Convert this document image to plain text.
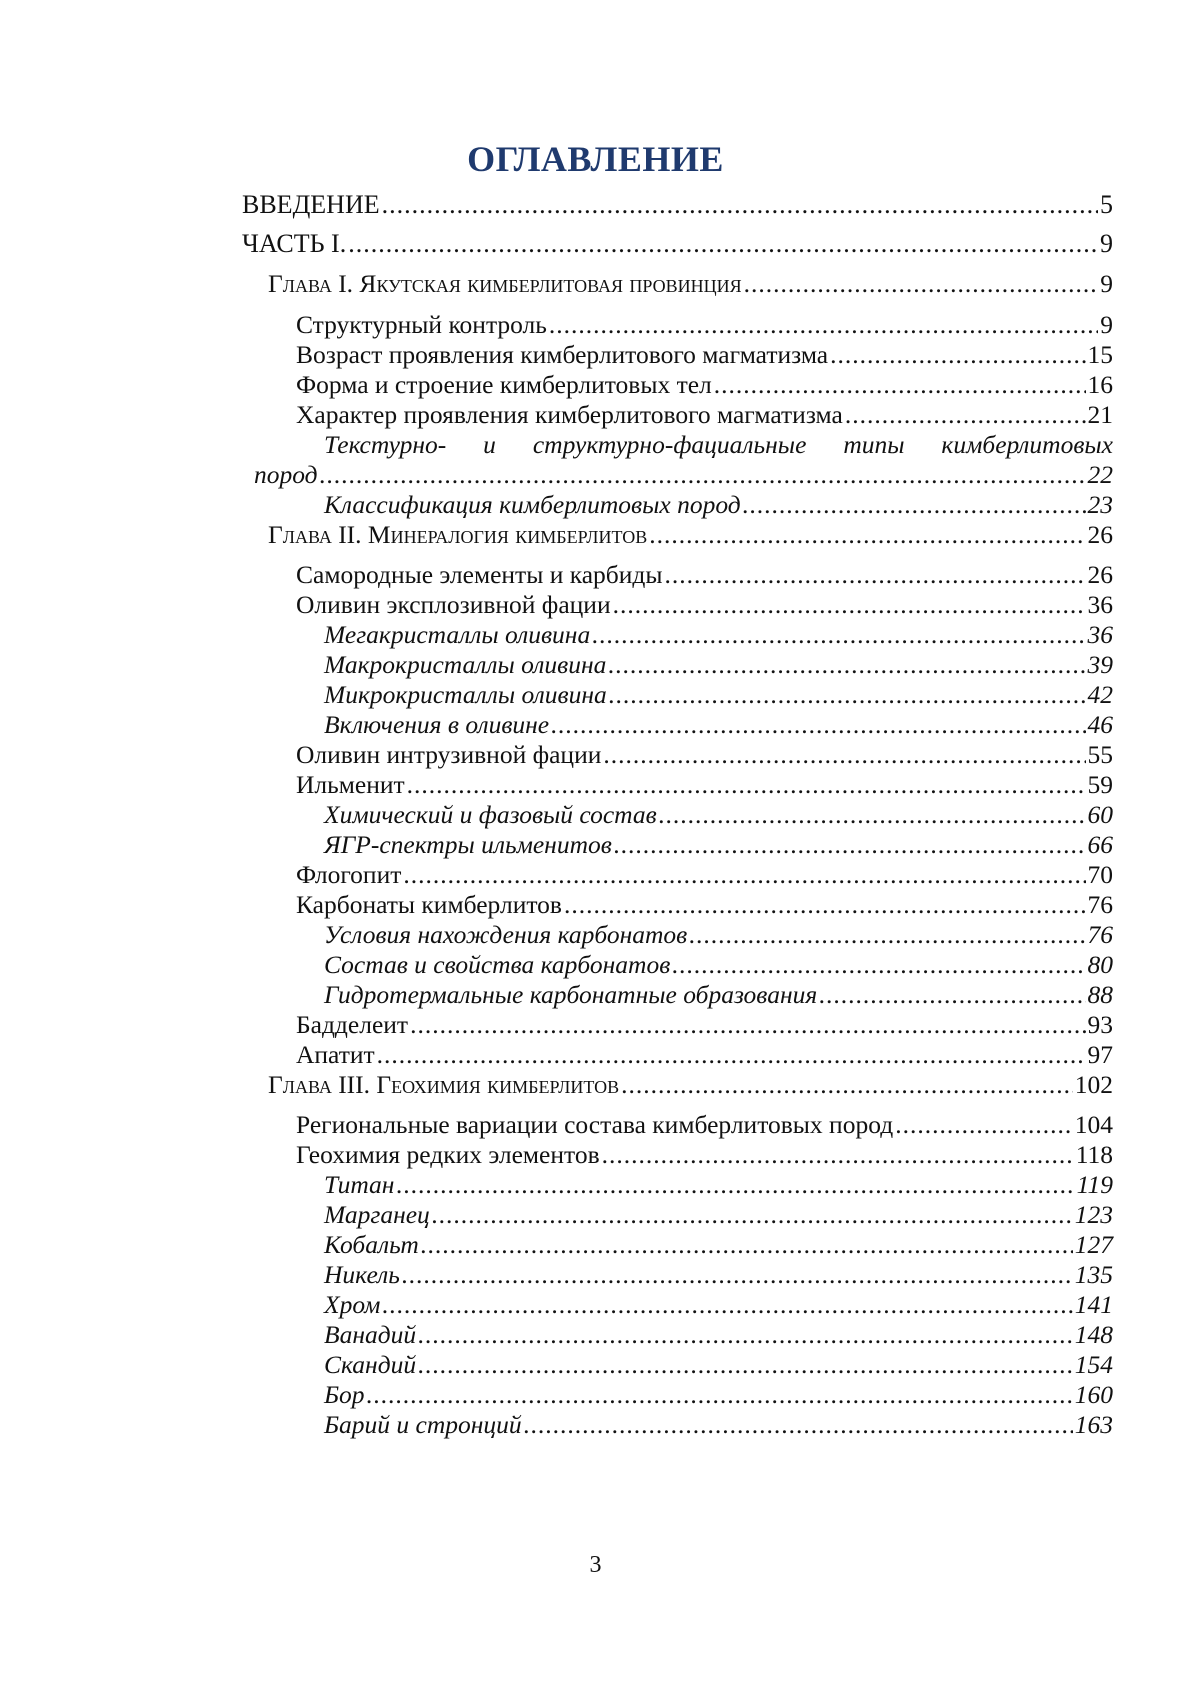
ОГЛАВЛЕНИЕ
ВВЕДЕНИЕ .....	5
ЧАСТЬ I. .....	9
Глава I. Якутская кимберлитовая провинция .....	9
Структурный контроль .....	9
Возраст проявления кимберлитового магматизма .....	15
Форма и строение кимберлитовых тел .....	16
Характер проявления кимберлитового магматизма .....	21
Текстурно- и структурно-фациальные типы кимберлитовых
пород .....	22
Классификация кимберлитовых пород .....	23
Глава II. Минералогия кимберлитов .....	26
Самородные элементы и карбиды .....	26
Оливин эксплозивной фации .....	36
Мегакристаллы оливина .....	36
Макрокристаллы оливина .....	39
Микрокристаллы оливина .....	42
Включения в оливине .....	46
Оливин интрузивной фации .....	55
Ильменит .....	59
Химический и фазовый состав .....	60
ЯГР-спектры ильменитов .....	66
Флогопит .....	70
Карбонаты кимберлитов .....	76
Условия нахождения карбонатов .....	76
Состав и свойства карбонатов .....	80
Гидротермальные карбонатные образования .....	88
Бадделеит .....	93
Апатит .....	97
Глава III. Геохимия кимберлитов .....	102
Региональные вариации состава кимберлитовых пород .....	104
Геохимия редких элементов .....	118
Титан .....	119
Марганец .....	123
Кобальт .....	127
Никель .....	135
Хром .....	141
Ванадий .....	148
Скандий .....	154
Бор .....	160
Барий и стронций .....	163
3
